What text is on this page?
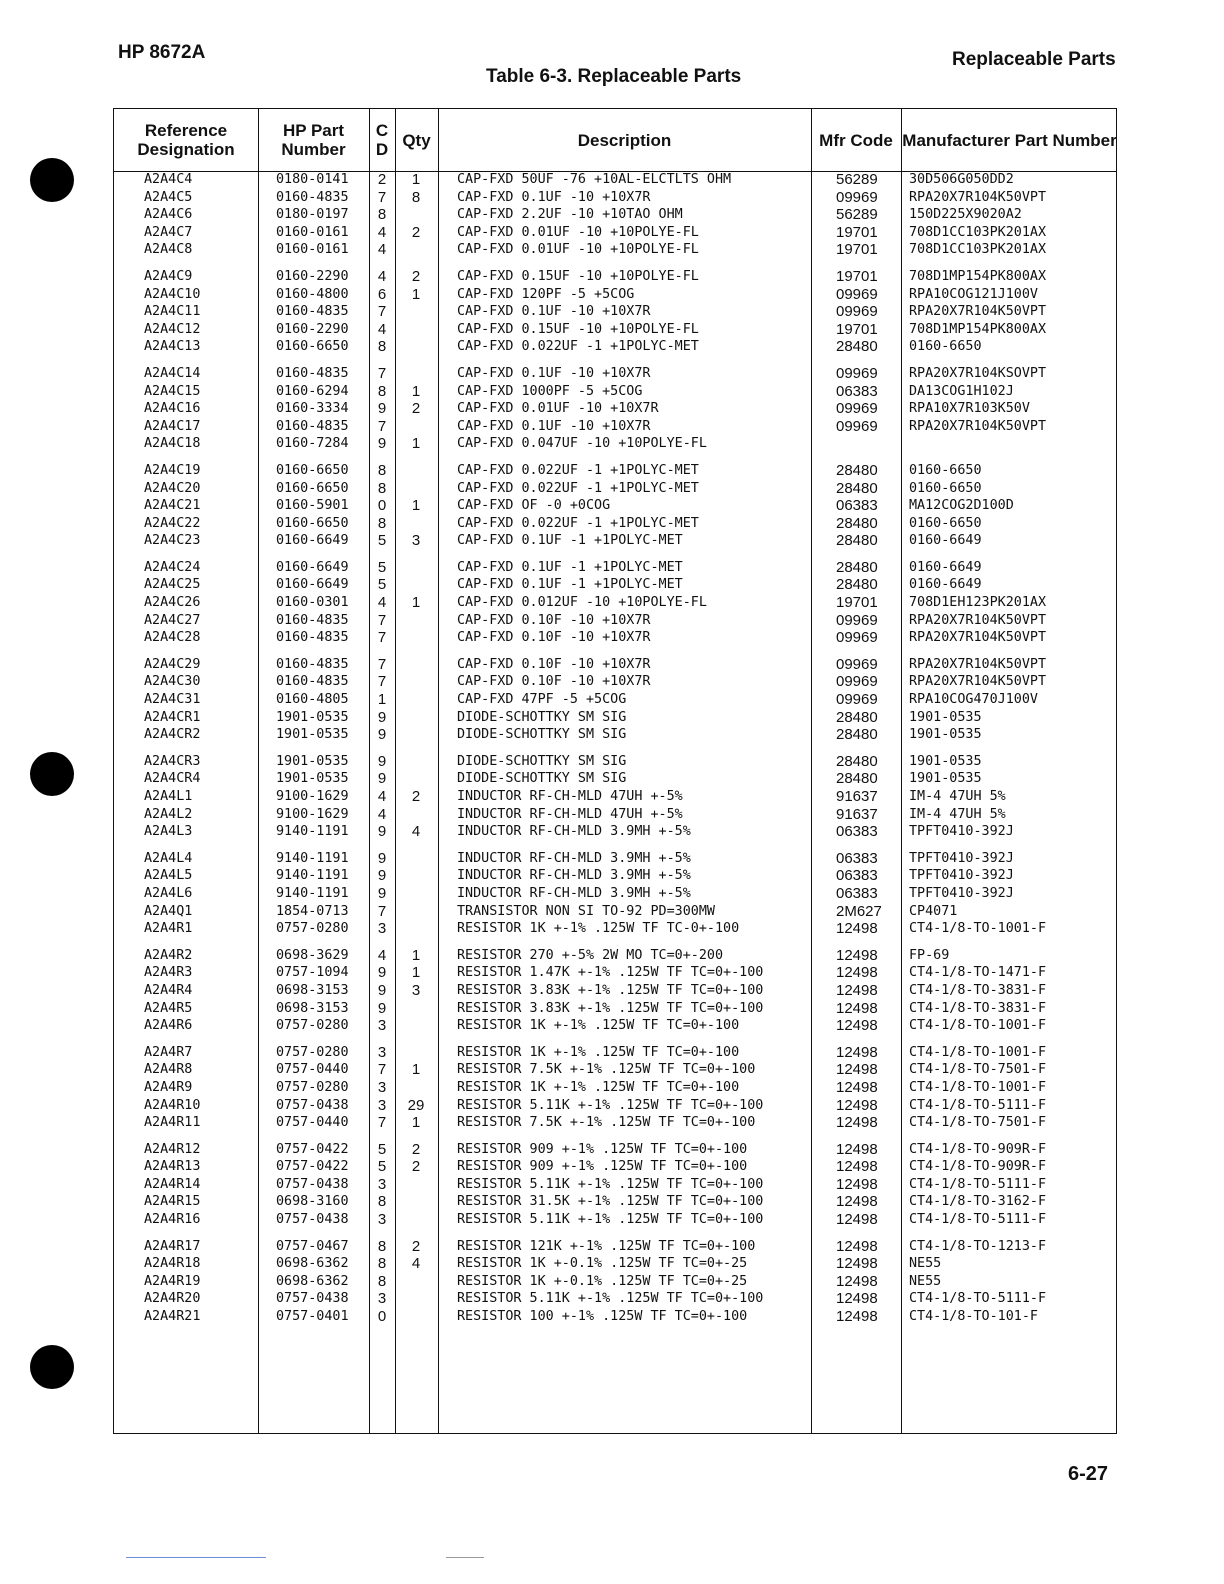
HP 8672A
Table 6-3. Replaceable Parts
Replaceable Parts
Reference Designation
HP Part Number
C D Qty	Description	Mfr Code Manufacturer Part Number
A2A4C4
A2A4C5
A2A4C6
A2A4C7
A2A4C8
A2A4C9
A2A4C10
A2A4C11
A2A4C12
A2A4C13
A2A4C14
A2A4C15
A2A4C16
A2A4C17
A2A4C18
A2A4C19
A2A4C20
A2A4C21
A2A4C22
A2A4C23
A2A4C24
A2A4C25
A2A4C26
A2A4C27
A2A4C28
A2A4C29
A2A4C30
A2A4C31
A2A4CR1
A2A4CR2
A2A4CR3
A2A4CR4
A2A4L1
A2A4L2
A2A4L3
A2A4L4
A2A4L5
A2A4L6
A2A4Q1
A2A4R1
A2A4R2
A2A4R3
A2A4R4
A2A4R5
A2A4R6
A2A4R7
A2A4R8
A2A4R9
A2A4R10
A2A4R11
A2A4R12
A2A4R13
A2A4R14
A2A4R15
A2A4R16
A2A4R17
A2A4R18
A2A4R19
A2A4R20
A2A4R21
0180-0141
0160-4835
0180-0197
0160-0161
0160-0161
0160-2290
0160-4800
0160-4835
0160-2290
0160-6650
0160-4835
0160-6294
0160-3334
0160-4835
0160-7284
0160-6650
0160-6650
0160-5901
0160-6650
0160-6649
0160-6649
0160-6649
0160-0301
0160-4835
0160-4835
0160-4835
0160-4835
0160-4805
1901-0535
1901-0535
1901-0535
1901-0535
9100-1629
9100-1629
9140-1191
9140-1191
9140-1191
9140-1191
1854-0713
0757-0280
0698-3629
0757-1094
0698-3153
0698-3153
0757-0280
0757-0280
0757-0440
0757-0280
0757-0438
0757-0440
0757-0422
0757-0422
0757-0438
0698-3160
0757-0438
0757-0467
0698-6362
0698-6362
0757-0438
0757-0401
2
7
8
4
4
4
6
7
4
8
7
8
9
7
9
8
8
0
8
5
5
5
4
7
7
7
7
1
9
9
9
9
4
4
9
9
9
9
7
3
4
9
9
9
3
3
7
3
3
7
5
5
3
8
3
8
8
8
3
0
1
8
2
2
1
1
2
1
1
3
1
2
4
1
1
3
1
29
1
2
2
2
4
CAP-FXD 50UF -76 +10AL-ELCTLTS OHM
CAP-FXD 0.1UF -10 +10X7R
CAP-FXD 2.2UF -10 +10TAO OHM
CAP-FXD 0.01UF -10 +10POLYE-FL
CAP-FXD 0.01UF -10 +10POLYE-FL
CAP-FXD 0.15UF -10 +10POLYE-FL
CAP-FXD 120PF -5 +5COG
CAP-FXD 0.1UF -10 +10X7R
CAP-FXD 0.15UF -10 +10POLYE-FL
CAP-FXD 0.022UF -1 +1POLYC-MET
CAP-FXD 0.1UF -10 +10X7R
CAP-FXD 1000PF -5 +5COG
CAP-FXD 0.01UF -10 +10X7R
CAP-FXD 0.1UF -10 +10X7R
CAP-FXD 0.047UF -10 +10POLYE-FL
CAP-FXD 0.022UF -1 +1POLYC-MET
CAP-FXD 0.022UF -1 +1POLYC-MET
CAP-FXD OF -0 +0COG
CAP-FXD 0.022UF -1 +1POLYC-MET
CAP-FXD 0.1UF -1 +1POLYC-MET
CAP-FXD 0.1UF -1 +1POLYC-MET
CAP-FXD 0.1UF -1 +1POLYC-MET
CAP-FXD 0.012UF -10 +10POLYE-FL
CAP-FXD 0.10F -10 +10X7R
CAP-FXD 0.10F -10 +10X7R
CAP-FXD 0.10F -10 +10X7R
CAP-FXD 0.10F -10 +10X7R
CAP-FXD 47PF -5 +5COG
DIODE-SCHOTTKY SM SIG
DIODE-SCHOTTKY SM SIG
DIODE-SCHOTTKY SM SIG
DIODE-SCHOTTKY SM SIG
INDUCTOR RF-CH-MLD 47UH +-5%
INDUCTOR RF-CH-MLD 47UH +-5%
INDUCTOR RF-CH-MLD 3.9MH +-5%
INDUCTOR RF-CH-MLD 3.9MH +-5%
INDUCTOR RF-CH-MLD 3.9MH +-5%
INDUCTOR RF-CH-MLD 3.9MH +-5%
TRANSISTOR NON SI TO-92 PD=300MW
RESISTOR 1K +-1% .125W TF TC-0+-100
RESISTOR 270 +-5% 2W MO TC=0+-200
RESISTOR 1.47K +-1% .125W TF TC=0+-100
RESISTOR 3.83K +-1% .125W TF TC=0+-100
RESISTOR 3.83K +-1% .125W TF TC=0+-100
RESISTOR 1K +-1% .125W TF TC=0+-100
RESISTOR 1K +-1% .125W TF TC=0+-100
RESISTOR 7.5K +-1% .125W TF TC=0+-100
RESISTOR 1K +-1% .125W TF TC=0+-100
RESISTOR 5.11K +-1% .125W TF TC=0+-100
RESISTOR 7.5K +-1% .125W TF TC=0+-100
RESISTOR 909 +-1% .125W TF TC=0+-100
RESISTOR 909 +-1% .125W TF TC=0+-100
RESISTOR 5.11K +-1% .125W TF TC=0+-100
RESISTOR 31.5K +-1% .125W TF TC=0+-100
RESISTOR 5.11K +-1% .125W TF TC=0+-100
RESISTOR 121K +-1% .125W TF TC=0+-100
RESISTOR 1K +-0.1% .125W TF TC=0+-25
RESISTOR 1K +-0.1% .125W TF TC=0+-25
RESISTOR 5.11K +-1% .125W TF TC=0+-100
RESISTOR 100 +-1% .125W TF TC=0+-100
56289
09969
56289
19701
19701
19701
09969
09969
19701
28480
09969
06383
09969
09969
28480
28480
06383
28480
28480
28480
28480
19701
09969
09969
09969
09969
09969
28480
28480
28480
28480
91637
91637
06383
06383
06383
06383
2M627
12498
12498
12498
12498
12498
12498
12498
12498
12498
12498
12498
12498
12498
12498
12498
12498
12498
12498
12498
12498
12498
30D506G050DD2
RPA20X7R104K50VPT
150D225X9020A2
708D1CC103PK201AX
708D1CC103PK201AX
708D1MP154PK800AX
RPA10COG121J100V
RPA20X7R104K50VPT
708D1MP154PK800AX
0160-6650
RPA20X7R104KSOVPT
DA13COG1H102J
RPA10X7R103K50V
RPA20X7R104K50VPT
0160-6650
0160-6650
MA12COG2D100D
0160-6650
0160-6649
0160-6649
0160-6649
708D1EH123PK201AX
RPA20X7R104K50VPT
RPA20X7R104K50VPT
RPA20X7R104K50VPT
RPA20X7R104K50VPT
RPA10COG470J100V
1901-0535
1901-0535
1901-0535
1901-0535
IM-4 47UH 5%
IM-4 47UH 5%
TPFT0410-392J
TPFT0410-392J
TPFT0410-392J
TPFT0410-392J
CP4071
CT4-1/8-TO-1001-F
FP-69
CT4-1/8-TO-1471-F
CT4-1/8-TO-3831-F
CT4-1/8-TO-3831-F
CT4-1/8-TO-1001-F
CT4-1/8-TO-1001-F
CT4-1/8-TO-7501-F
CT4-1/8-TO-1001-F
CT4-1/8-TO-5111-F
CT4-1/8-TO-7501-F
CT4-1/8-TO-909R-F
CT4-1/8-TO-909R-F
CT4-1/8-TO-5111-F
CT4-1/8-TO-3162-F
CT4-1/8-TO-5111-F
CT4-1/8-TO-1213-F
NE55
NE55
CT4-1/8-TO-5111-F
CT4-1/8-TO-101-F
6-27
